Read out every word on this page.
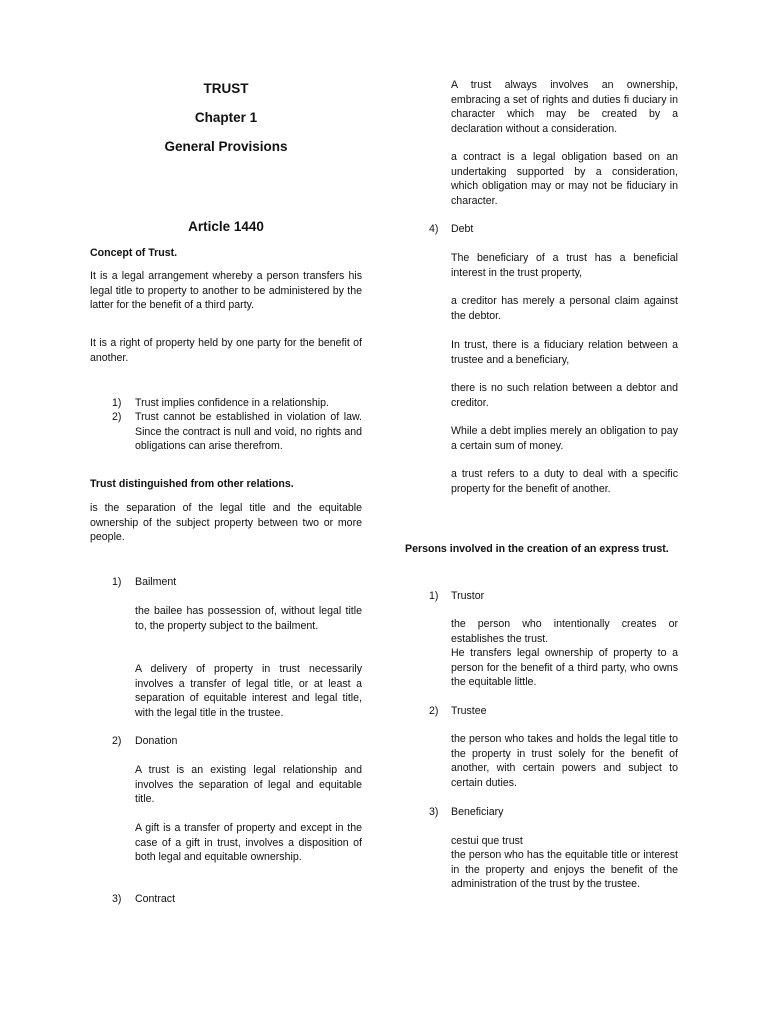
TRUST
Chapter 1
General Provisions
Article 1440
Concept of Trust.

It is a legal arrangement whereby a person transfers his legal title to property to another to be administered by the latter for the benefit of a third party.

It is a right of property held by one party for the benefit of another.

1) Trust implies confidence in a relationship.

2) Trust cannot be established in violation of law. Since the contract is null and void, no rights and obligations can arise therefrom.

Trust distinguished from other relations.

is the separation of the legal title and the equitable ownership of the subject property between two or more people.

1) Bailment

the bailee has possession of, without legal title to, the property subject to the bailment.

A delivery of property in trust necessarily involves a transfer of legal title, or at least a separation of equitable interest and legal title, with the legal title in the trustee.

2) Donation

A trust is an existing legal relationship and involves the separation of legal and equitable title.

A gift is a transfer of property and except in the case of a gift in trust, involves a disposition of both legal and equitable ownership.

3) Contract

A trust always involves an ownership, embracing a set of rights and duties fi duciary in character which may be created by a declaration without a consideration.

a contract is a legal obligation based on an undertaking supported by a consideration, which obligation may or may not be fiduciary in character.

4) Debt

The beneficiary of a trust has a beneficial interest in the trust property,

a creditor has merely a personal claim against the debtor.

In trust, there is a fiduciary relation between a trustee and a beneficiary,

there is no such relation between a debtor and creditor.

While a debt implies merely an obligation to pay a certain sum of money.

a trust refers to a duty to deal with a specific property for the benefit of another.

Persons involved in the creation of an express trust.
1) Trustor

the person who intentionally creates or establishes the trust.

He transfers legal ownership of property to a person for the benefit of a third party, who owns the equitable little.

2) Trustee

the person who takes and holds the legal title to the property in trust solely for the benefit of another, with certain powers and subject to certain duties.

3) Beneficiary

cestui que trust

the person who has the equitable title or interest in the property and enjoys the benefit of the administration of the trust by the trustee.
